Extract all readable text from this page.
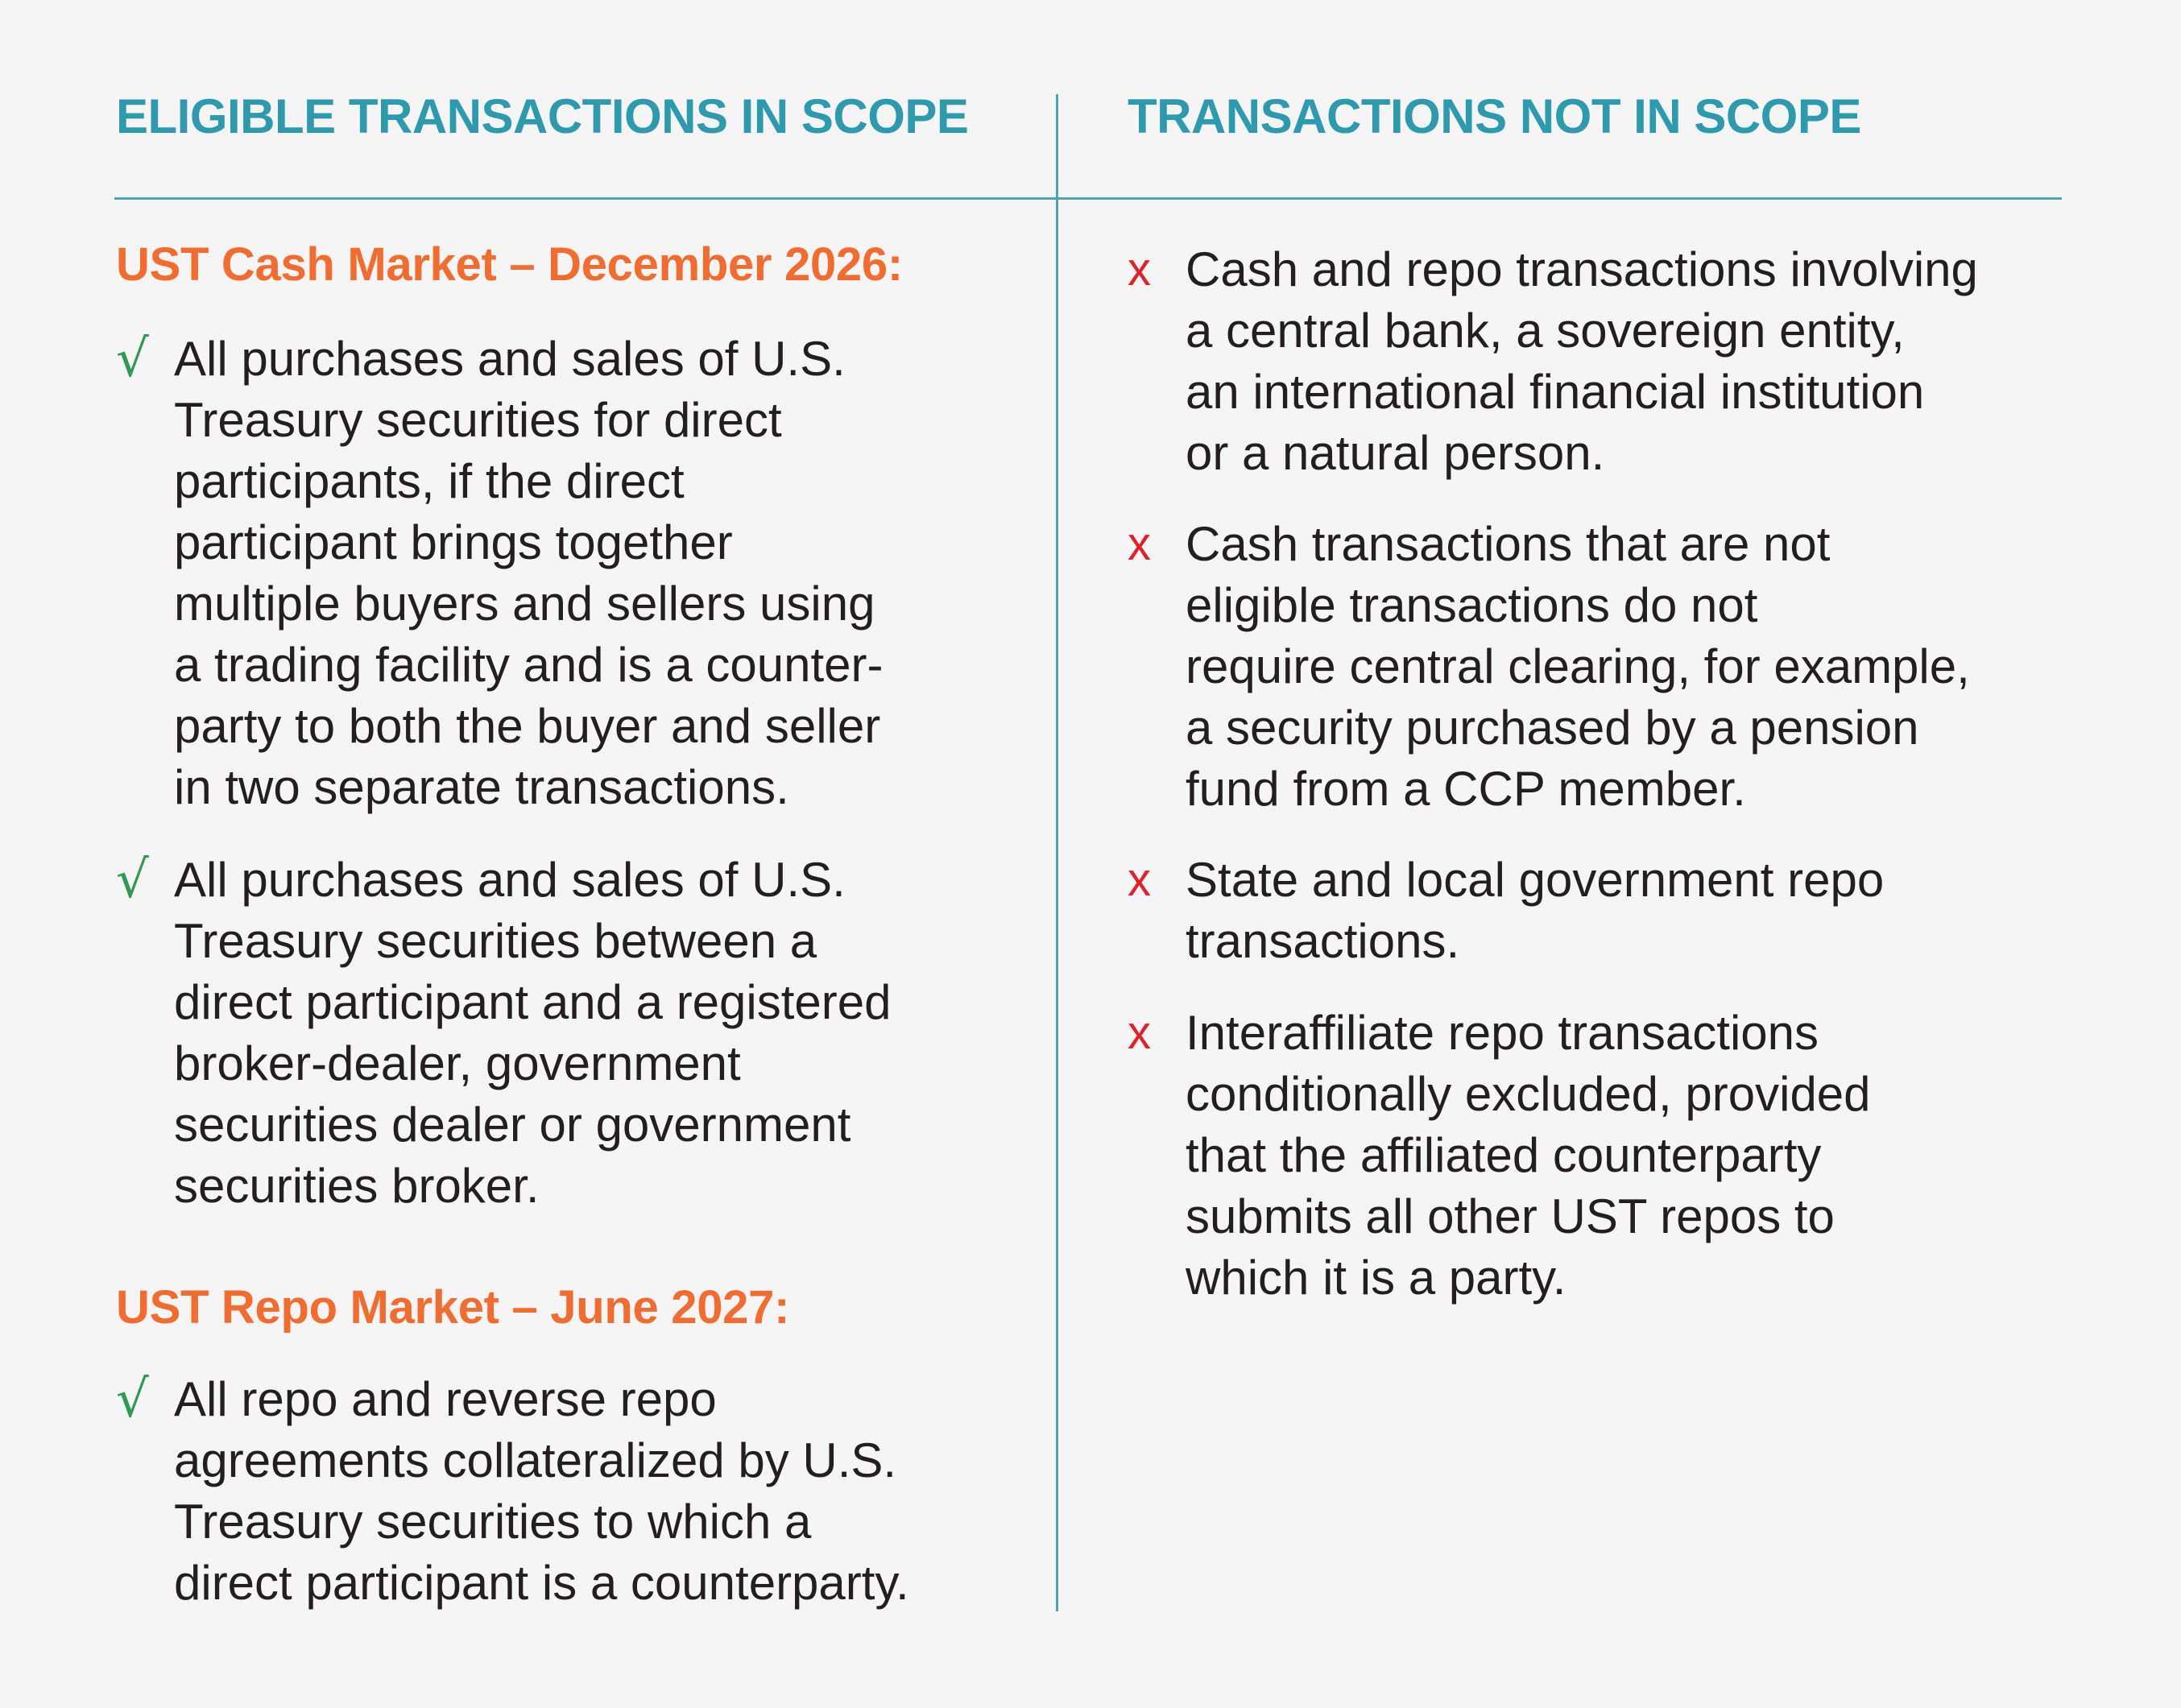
ELIGIBLE TRANSACTIONS IN SCOPE
UST Cash Market – December 2026:
√ All purchases and sales of U.S.
Treasury securities for direct
participants, if the direct
participant brings together
multiple buyers and sellers using
a trading facility and is a counter-
party to both the buyer and seller
in two separate transactions.
√ All purchases and sales of U.S.
Treasury securities between a
direct participant and a registered
broker-dealer, government
securities dealer or government
securities broker.
UST Repo Market – June 2027:
√ All repo and reverse repo
agreements collateralized by U.S.
Treasury securities to which a
direct participant is a counterparty.
TRANSACTIONS NOT IN SCOPE
x Cash and repo transactions involving
a central bank, a sovereign entity,
an international financial institution
or a natural person.
x Cash transactions that are not
eligible transactions do not
require central clearing, for example,
a security purchased by a pension
fund from a CCP member.
x State and local government repo
transactions.
x Interaffiliate repo transactions
conditionally excluded, provided
that the affiliated counterparty
submits all other UST repos to
which it is a party.
